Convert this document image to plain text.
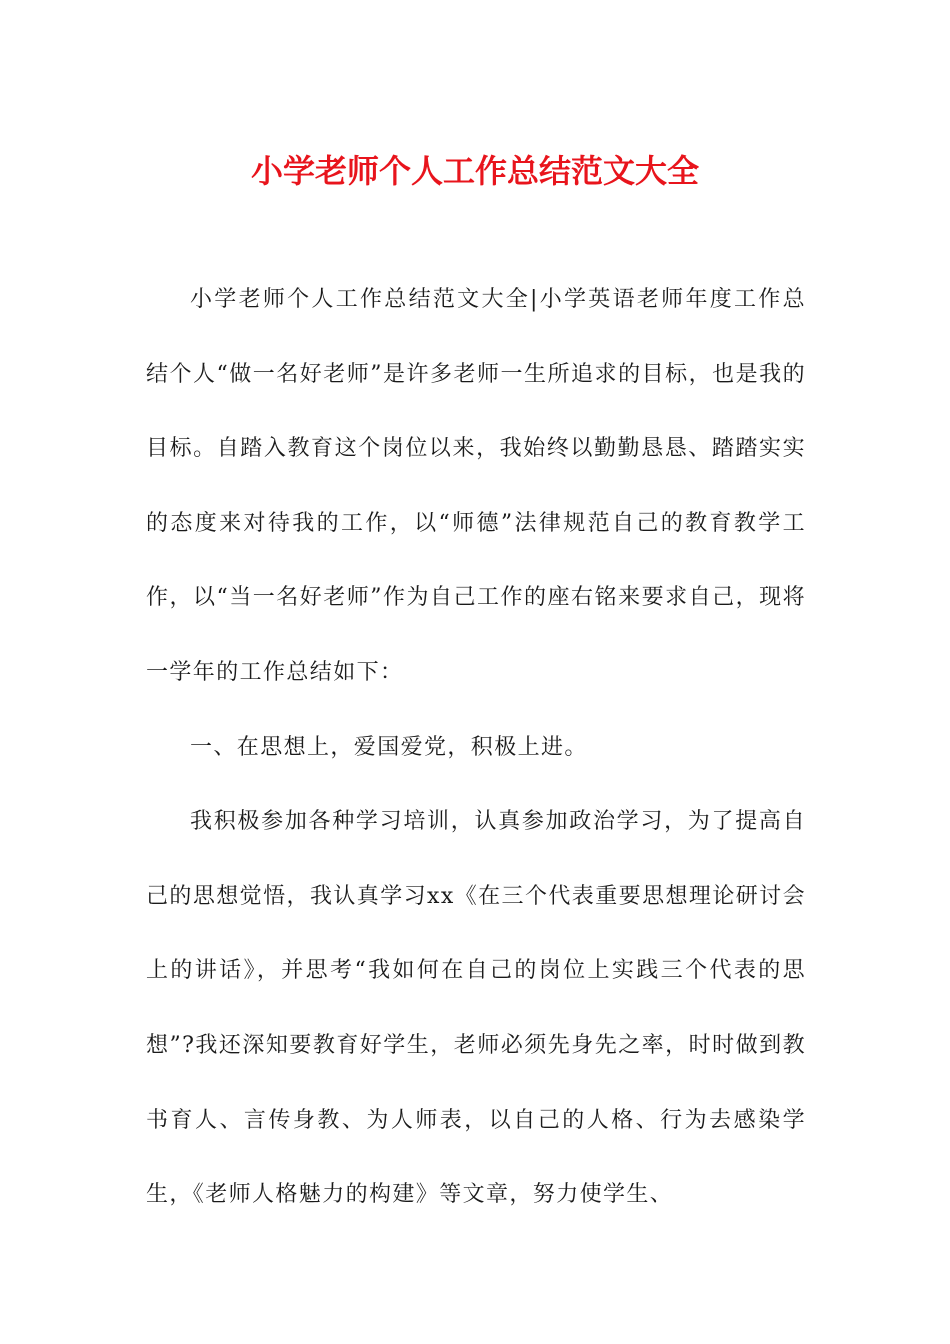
小学老师个人工作总结范文大全

小学老师个人工作总结范文大全|小学英语老师年度工作总结个人“做一名好老师”是许多老师一生所追求的目标，也是我的目标。自踏入教育这个岗位以来，我始终以勤勤恳恳、踏踏实实的态度来对待我的工作，以“师德”法律规范自己的教育教学工作，以“当一名好老师”作为自己工作的座右铭来要求自己，现将一学年的工作总结如下：

一、在思想上，爱国爱党，积极上进。

我积极参加各种学习培训，认真参加政治学习，为了提高自己的思想觉悟，我认真学习xx《在三个代表重要思想理论研讨会上的讲话》，并思考“我如何在自己的岗位上实践三个代表的思想”?我还深知要教育好学生，老师必须先身先之率，时时做到教书育人、言传身教、为人师表，以自己的人格、行为去感染学生，《老师人格魅力的构建》等文章，努力使学生、
